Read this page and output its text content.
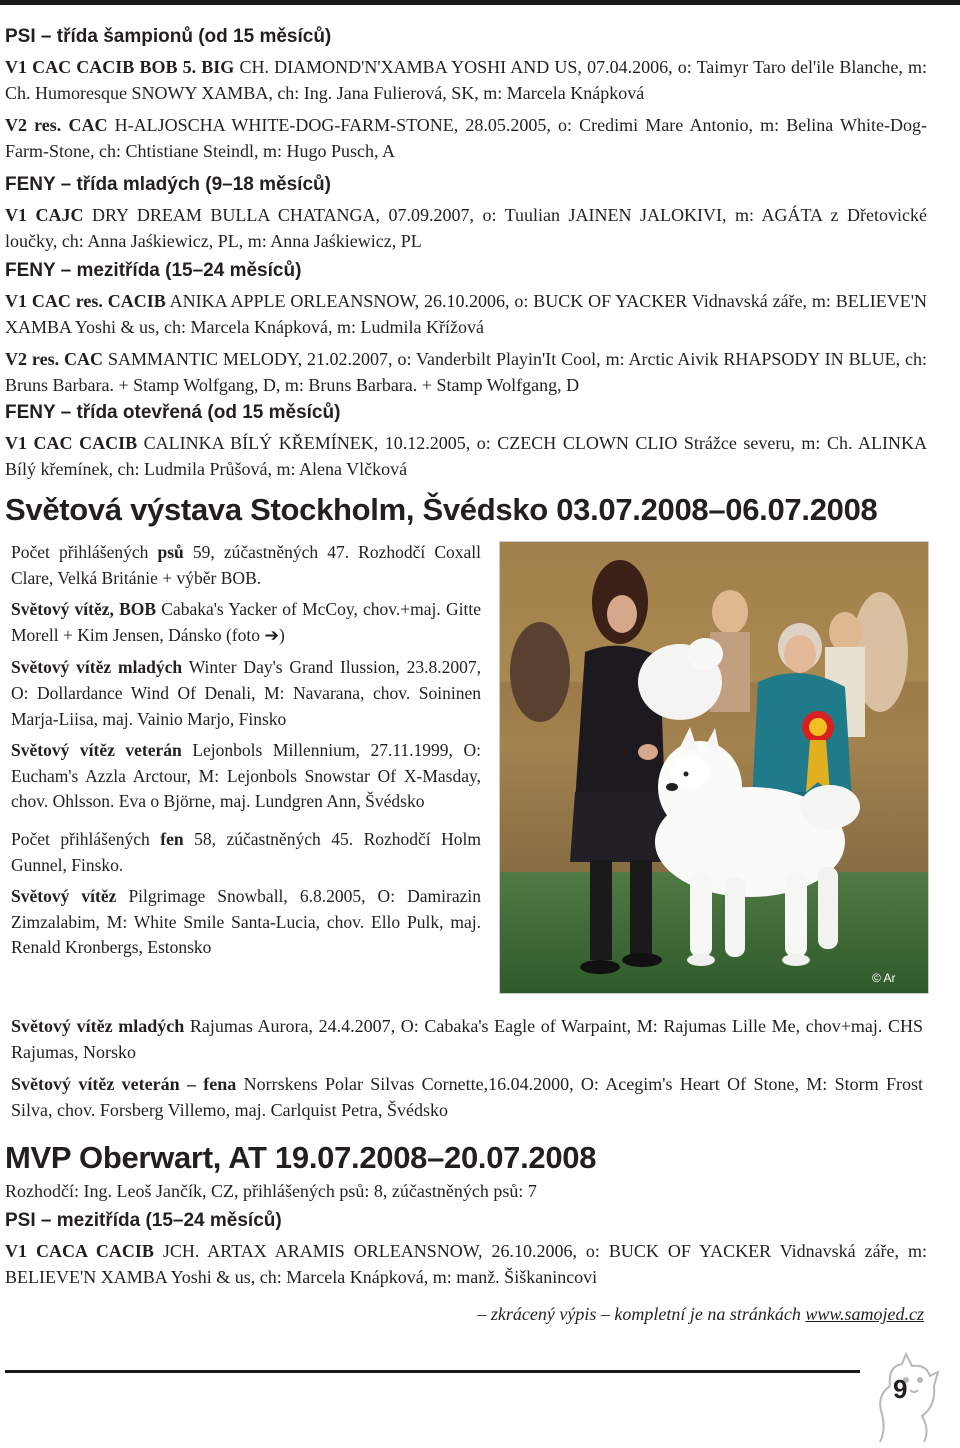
PSI – třída šampionů (od 15 měsíců)

V1 CAC CACIB BOB 5. BIG CH. DIAMOND'N'XAMBA YOSHI AND US, 07.04.2006, o: Taimyr Taro del'ile Blanche, m: Ch. Humoresque SNOWY XAMBA, ch: Ing. Jana Fulierová, SK, m: Marcela Knápková

V2 res. CAC H-ALJOSCHA WHITE-DOG-FARM-STONE, 28.05.2005, o: Credimi Mare Antonio, m: Belina White-Dog-Farm-Stone, ch: Chtistiane Steindl, m: Hugo Pusch, A

FENY – třída mladých (9–18 měsíců)

V1 CAJC DRY DREAM BULLA CHATANGA, 07.09.2007, o: Tuulian JAINEN JALOKIVI, m: AGÁTA z Dřetovické loučky, ch: Anna Jaśkiewicz, PL, m: Anna Jaśkiewicz, PL

FENY – mezitřída (15–24 měsíců)

V1 CAC res. CACIB ANIKA APPLE ORLEANSNOW, 26.10.2006, o: BUCK OF YACKER Vidnavská záře, m: BELIEVE'N XAMBA Yoshi & us, ch: Marcela Knápková, m: Ludmila Křížová

V2 res. CAC SAMMANTIC MELODY, 21.02.2007, o: Vanderbilt Playin'It Cool, m: Arctic Aivik RHAPSODY IN BLUE, ch: Bruns Barbara. + Stamp Wolfgang, D, m: Bruns Barbara. + Stamp Wolfgang, D

FENY – třída otevřená (od 15 měsíců)

V1 CAC CACIB CALINKA BÍLÝ KŘEMÍNEK, 10.12.2005, o: CZECH CLOWN CLIO Strážce severu, m: Ch. ALINKA Bílý křemínek, ch: Ludmila Průšová, m: Alena Vlčková

Světová výstava Stockholm, Švédsko 03.07.2008–06.07.2008

Počet přihlášených psů 59, zúčastněných 47. Rozhodčí Coxall Clare, Velká Británie + výběr BOB.

Světový vítěz, BOB Cabaka's Yacker of McCoy, chov.+maj. Gitte Morell + Kim Jensen, Dánsko (foto ➔)

Světový vítěz mladých Winter Day's Grand Ilussion, 23.8.2007, O: Dollardance Wind Of Denali, M: Navarana, chov. Soininen Marja-Liisa, maj. Vainio Marjo, Finsko

Světový vítěz veterán Lejonbols Millennium, 27.11.1999, O: Eucham's Azzla Arctour, M: Lejonbols Snowstar Of X-Masday, chov. Ohlsson. Eva o Björne, maj. Lundgren Ann, Švédsko

Počet přihlášených fen 58, zúčastněných 45. Rozhodčí Holm Gunnel, Finsko.

Světový vítěz Pilgrimage Snowball, 6.8.2005, O: Damirazin Zimzalabim, M: White Smile Santa-Lucia, chov. Ello Pulk, maj. Renald Kronbergs, Estonsko

© Ar

Světový vítěz mladých Rajumas Aurora, 24.4.2007, O: Cabaka's Eagle of Warpaint, M: Rajumas Lille Me, chov+maj. CHS Rajumas, Norsko

Světový vítěz veterán – fena Norrskens Polar Silvas Cornette,16.04.2000, O: Acegim's Heart Of Stone, M: Storm Frost Silva, chov. Forsberg Villemo, maj. Carlquist Petra, Švédsko

MVP Oberwart, AT 19.07.2008–20.07.2008

Rozhodčí: Ing. Leoš Jančík, CZ, přihlášených psů: 8, zúčastněných psů: 7

PSI – mezitřída (15–24 měsíců)

V1 CACA CACIB JCH. ARTAX ARAMIS ORLEANSNOW, 26.10.2006, o: BUCK OF YACKER Vidnavská záře, m: BELIEVE'N XAMBA Yoshi & us, ch: Marcela Knápková, m: manž. Šiškanincovi

– zkrácený výpis – kompletní je na stránkách www.samojed.cz
9
